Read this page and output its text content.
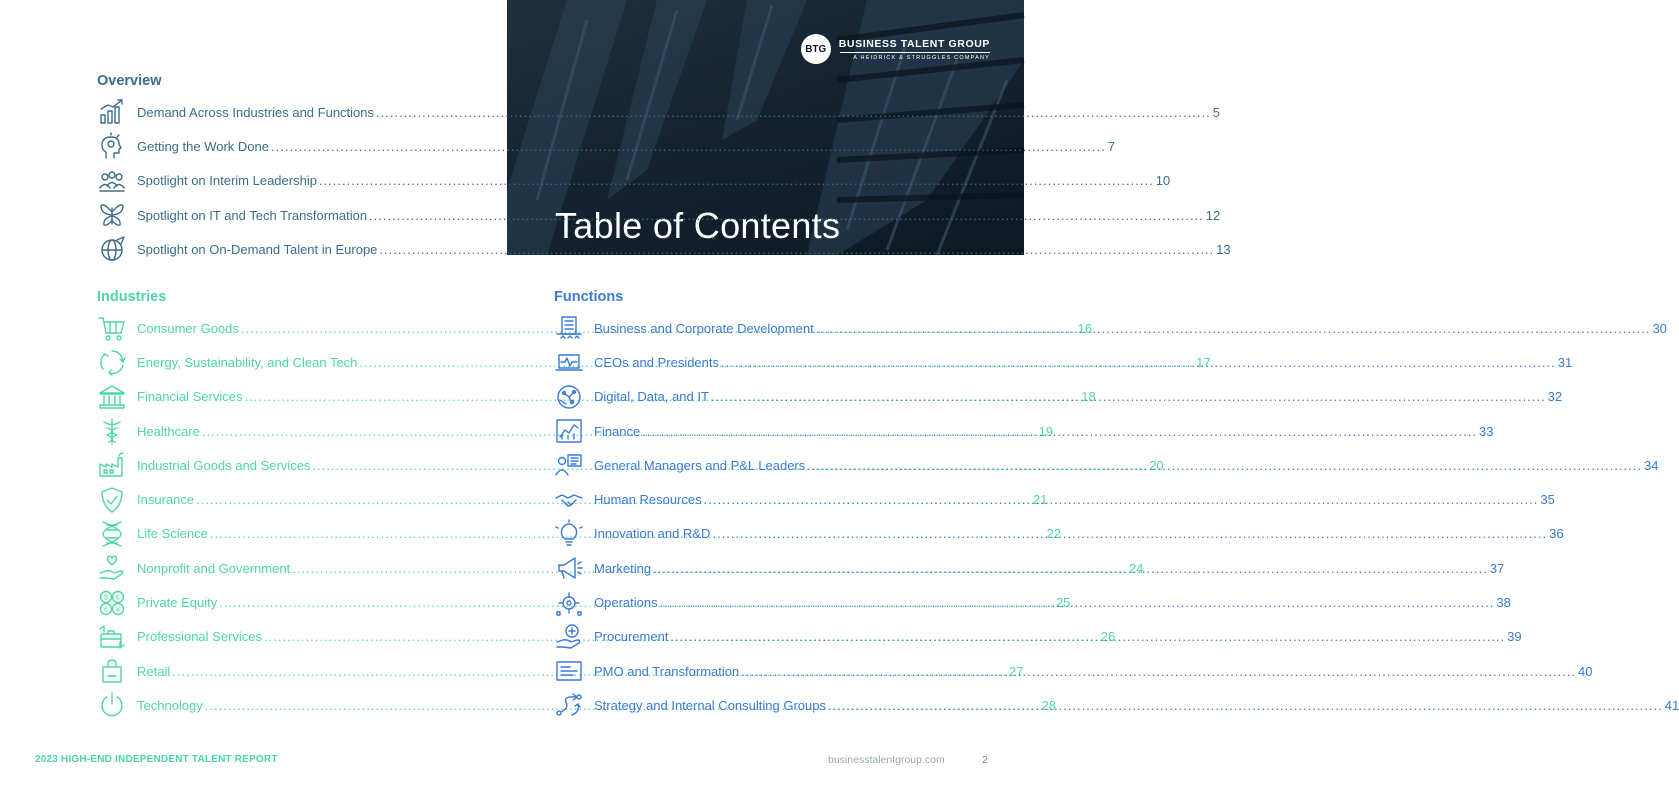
BTG	BUSINESS TALENT GROUP
A HEIDRICK & STRUGGLES COMPANY
Table of Contents
Overview
Industries	Functions
Demand Across Industries and Functions .....	5
Getting the Work Done .....	7
Spotlight on Interim Leadership .....	10
Spotlight on IT and Tech Transformation .....	12
Spotlight on On-Demand Talent in Europe .....	13
Consumer Goods .....	16
Energy, Sustainability, and Clean Tech .....	17
Financial Services .....	18
Healthcare .....	19
Industrial Goods and Services .....	20
Insurance .....	21
Life Science .....	22
Nonprofit and Government .....	24
$ €
£ ¥ Private Equity .....	25
Professional Services .....	26
Retail .....	27
Technology .....	28
Business and Corporate Development .....	30
CEOs and Presidents .....	31
Digital, Data, and IT .....	32
Finance .....	33
General Managers and P&L Leaders .....	34
Human Resources .....	35
Innovation and R&D .....	36
Marketing .....	37
Operations .....	38
Procurement .....	39
PMO and Transformation .....	40
Strategy and Internal Consulting Groups .....	41
2023 HIGH-END INDEPENDENT TALENT REPORT	businesstalentgroup.com	2
